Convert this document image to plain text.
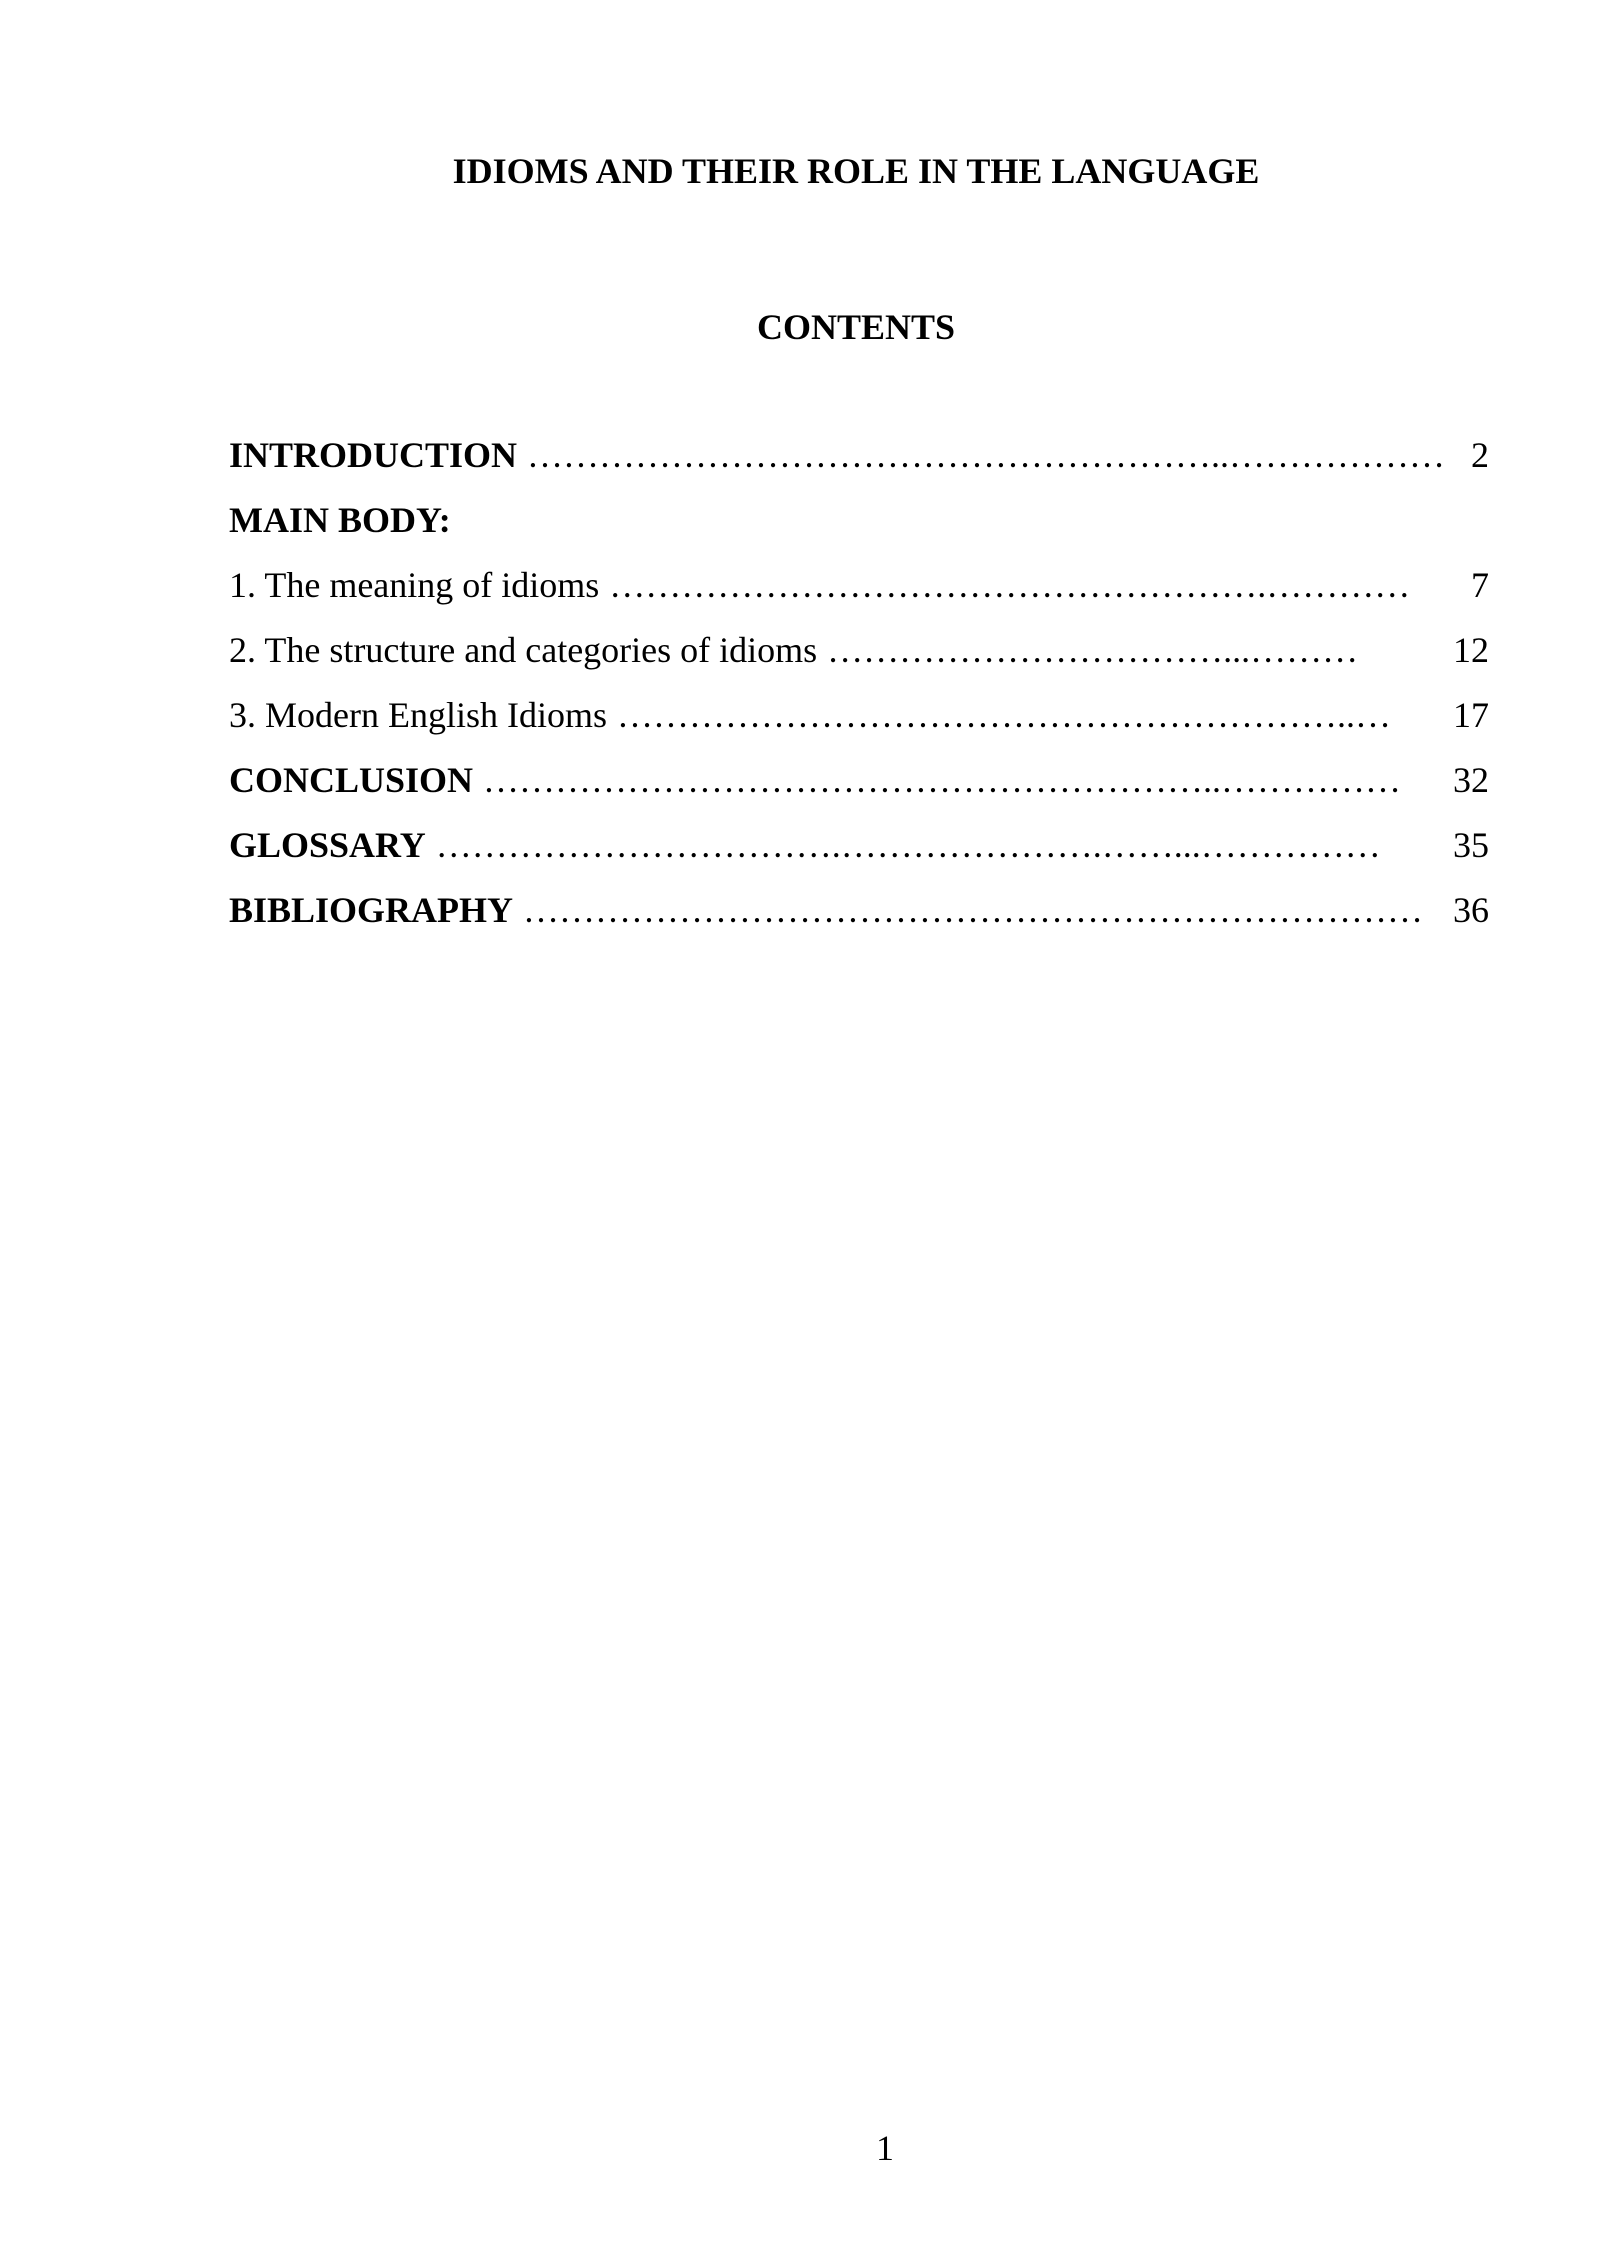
IDIOMS AND THEIR ROLE IN THE LANGUAGE
CONTENTS
INTRODUCTION …………………………………………………..……………… 2
MAIN BODY:
1. The meaning of idioms ……………………………………………….…………	7
2. The structure and categories of idioms ……………………………...………	12
3. Modern English Idioms ……………………………………………………..…	17
CONCLUSION ……………………………………………………..……………	32
GLOSSARY …………………………….………………….……...……………	35
BIBLIOGRAPHY ………………………………………………………………… 36
1
